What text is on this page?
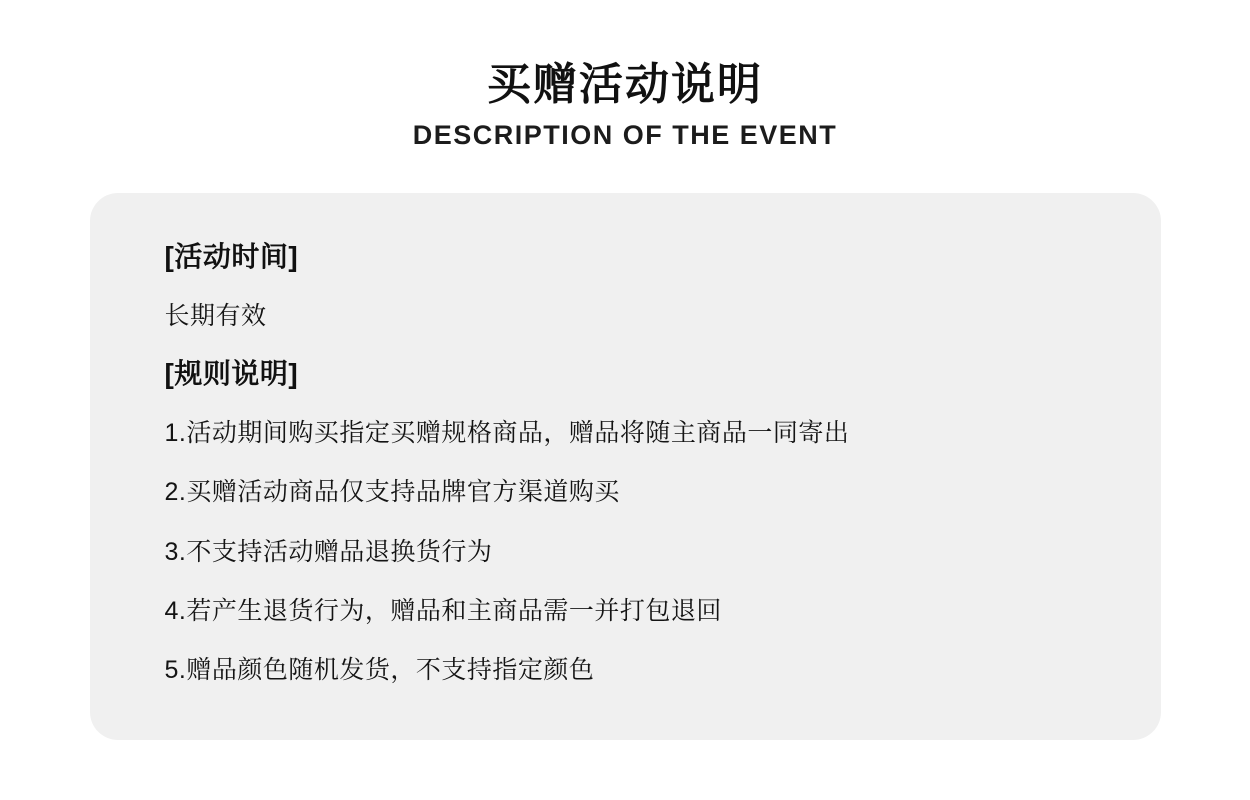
买赠活动说明
DESCRIPTION OF THE EVENT
[活动时间]

长期有效

[规则说明]

1.活动期间购买指定买赠规格商品，赠品将随主商品一同寄出

2.买赠活动商品仅支持品牌官方渠道购买

3.不支持活动赠品退换货行为

4.若产生退货行为，赠品和主商品需一并打包退回

5.赠品颜色随机发货，不支持指定颜色
